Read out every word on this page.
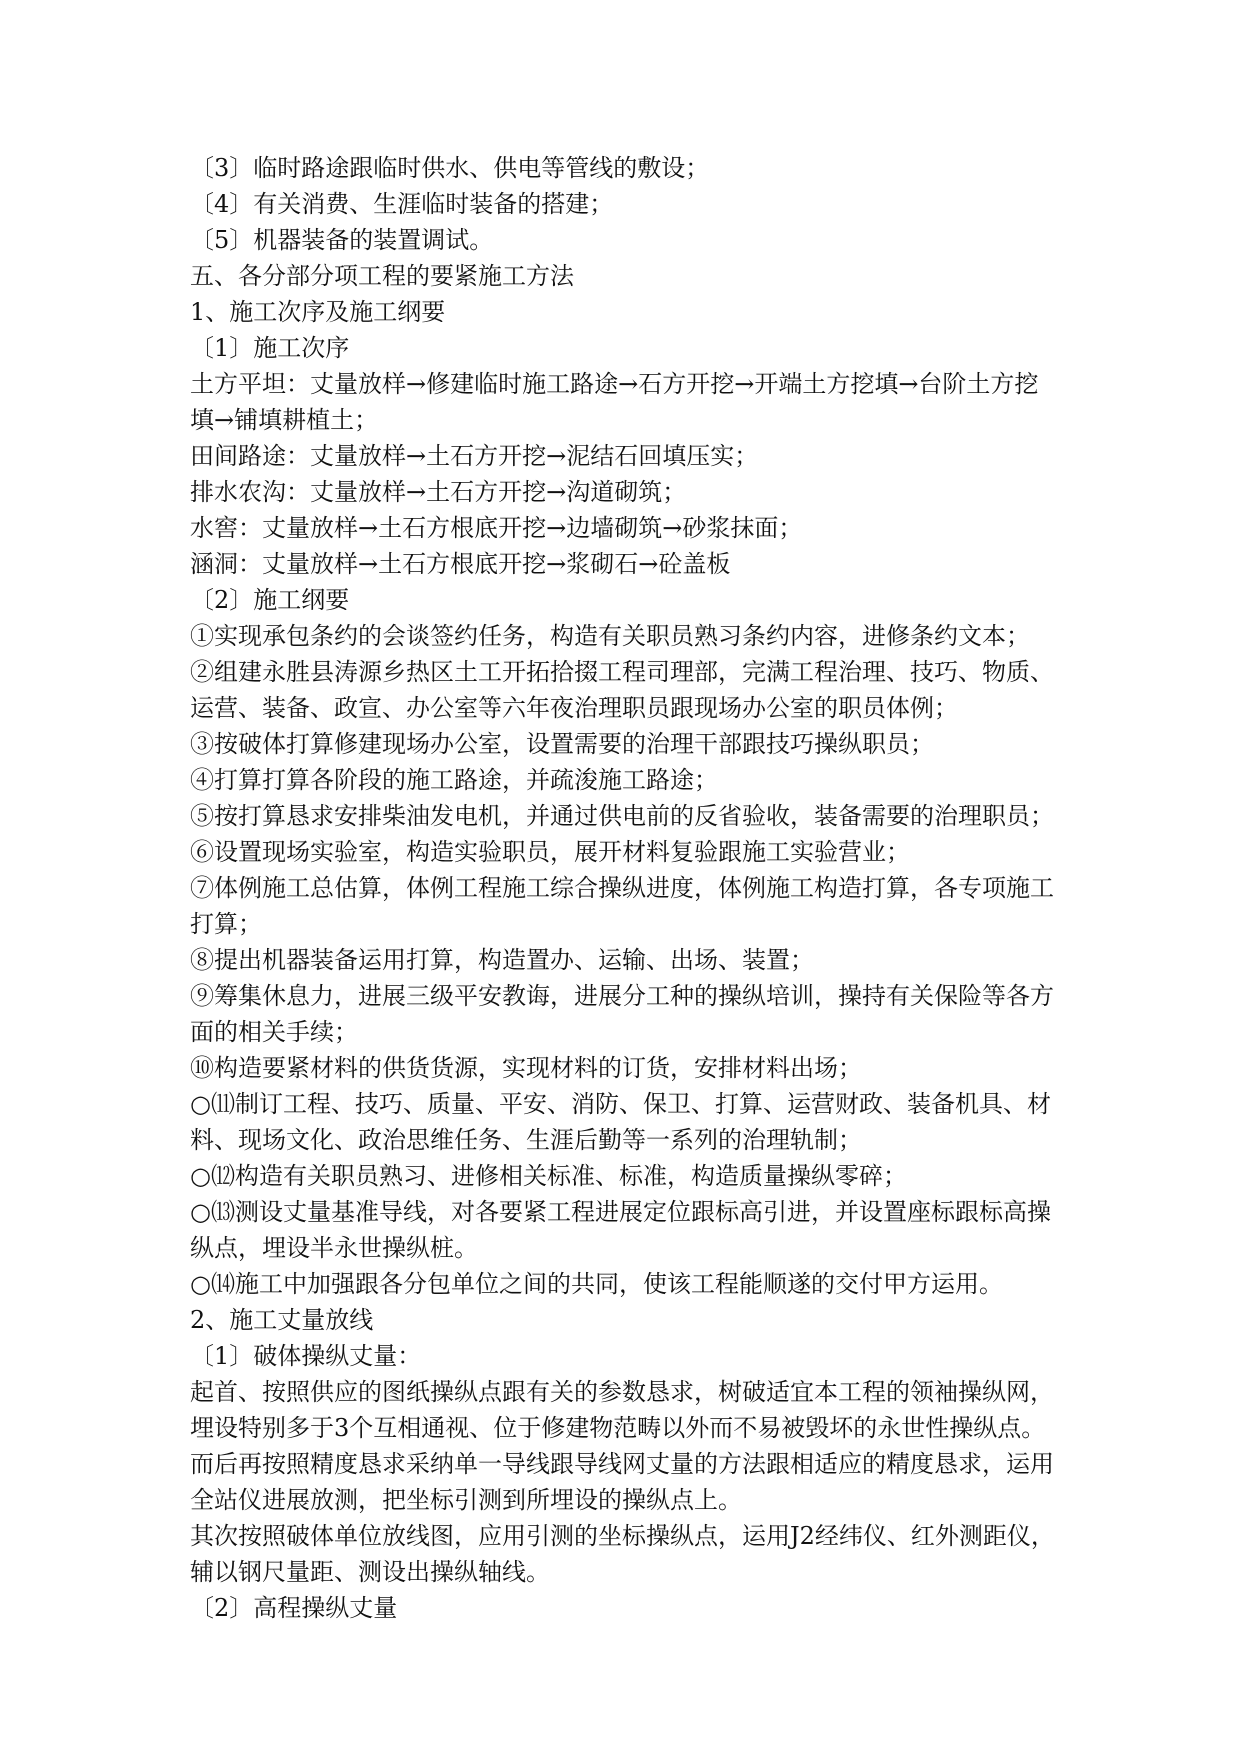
〔3〕临时路途跟临时供水、供电等管线的敷设；
〔4〕有关消费、生涯临时装备的搭建；
〔5〕机器装备的装置调试。
五、各分部分项工程的要紧施工方法
1、施工次序及施工纲要
〔1〕施工次序
土方平坦：丈量放样→修建临时施工路途→石方开挖→开端土方挖填→台阶土方挖填→铺填耕植土；
田间路途：丈量放样→土石方开挖→泥结石回填压实；
排水农沟：丈量放样→土石方开挖→沟道砌筑；
水窖：丈量放样→土石方根底开挖→边墙砌筑→砂浆抹面；
涵洞：丈量放样→土石方根底开挖→浆砌石→砼盖板
〔2〕施工纲要
①实现承包条约的会谈签约任务，构造有关职员熟习条约内容，进修条约文本；
②组建永胜县涛源乡热区土工开拓拾掇工程司理部，完满工程治理、技巧、物质、运营、装备、政宣、办公室等六年夜治理职员跟现场办公室的职员体例；
③按破体打算修建现场办公室，设置需要的治理干部跟技巧操纵职员；
④打算打算各阶段的施工路途，并疏浚施工路途；
⑤按打算恳求安排柴油发电机，并通过供电前的反省验收，装备需要的治理职员；
⑥设置现场实验室，构造实验职员，展开材料复验跟施工实验营业；
⑦体例施工总估算，体例工程施工综合操纵进度，体例施工构造打算，各专项施工打算；
⑧提出机器装备运用打算，构造置办、运输、出场、装置；
⑨筹集休息力，进展三级平安教诲，进展分工种的操纵培训，操持有关保险等各方面的相关手续；
⑩构造要紧材料的供货货源，实现材料的订货，安排材料出场；
○⑾制订工程、技巧、质量、平安、消防、保卫、打算、运营财政、装备机具、材料、现场文化、政治思维任务、生涯后勤等一系列的治理轨制；
○⑿构造有关职员熟习、进修相关标准、标准，构造质量操纵零碎；
○⒀测设丈量基准导线，对各要紧工程进展定位跟标高引进，并设置座标跟标高操纵点，埋设半永世操纵桩。
○⒁施工中加强跟各分包单位之间的共同，使该工程能顺遂的交付甲方运用。
2、施工丈量放线
〔1〕破体操纵丈量：
起首、按照供应的图纸操纵点跟有关的参数恳求，树破适宜本工程的领袖操纵网，埋设特别多于3个互相通视、位于修建物范畴以外而不易被毁坏的永世性操纵点。而后再按照精度恳求采纳单一导线跟导线网丈量的方法跟相适应的精度恳求，运用全站仪进展放测，把坐标引测到所埋设的操纵点上。
其次按照破体单位放线图，应用引测的坐标操纵点，运用J2经纬仪、红外测距仪，辅以钢尺量距、测设出操纵轴线。
〔2〕高程操纵丈量
